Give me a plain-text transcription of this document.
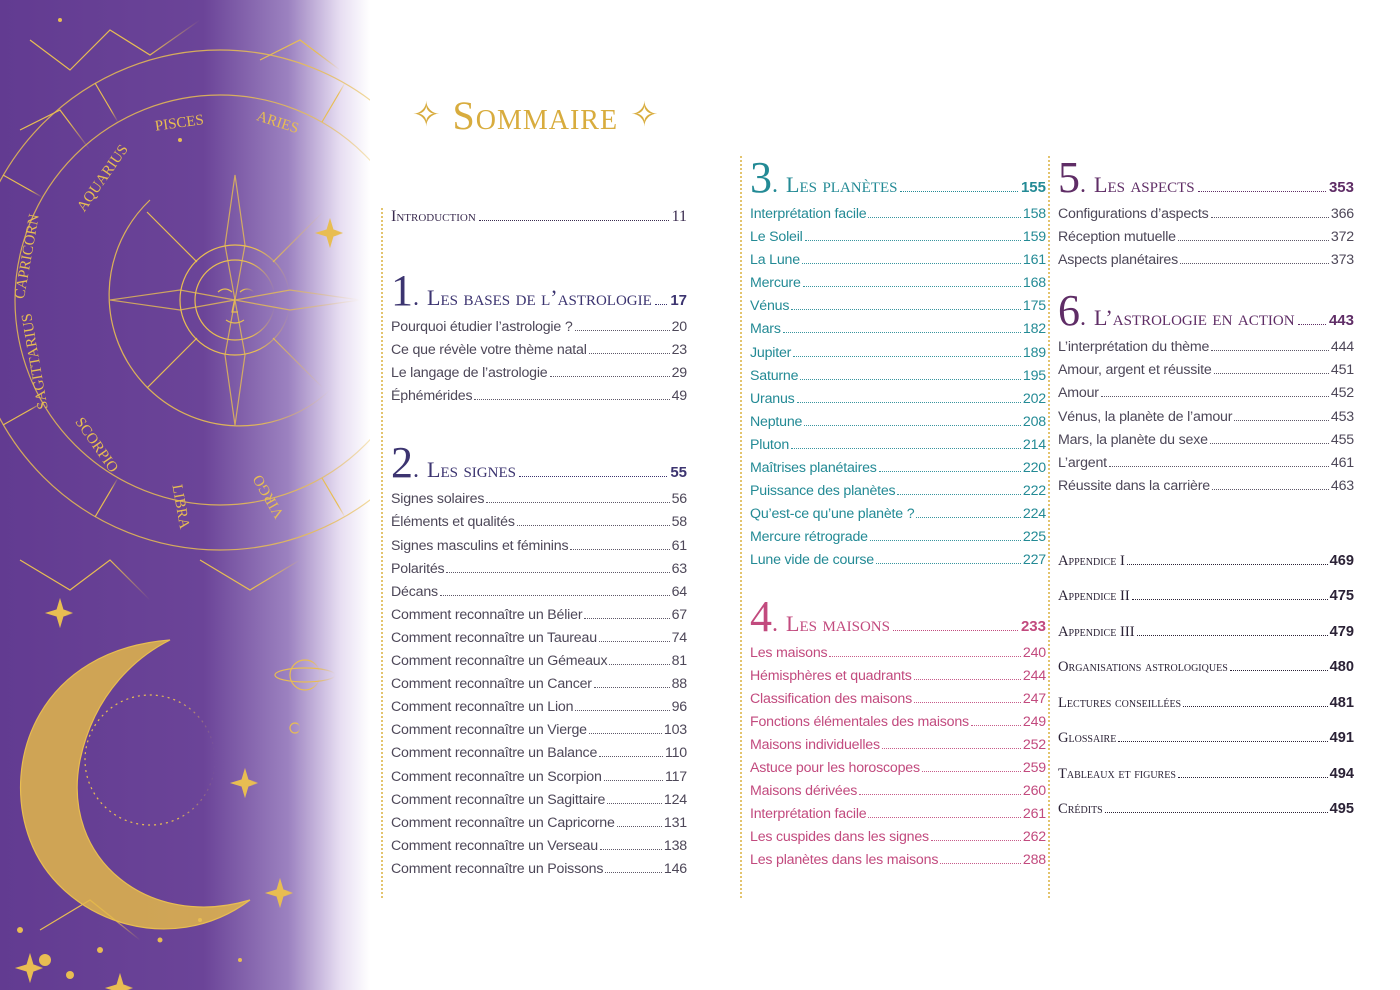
PISCES	ARIES
AQUARIUS
CAPRICORN
SAGITTARIUS
SCORPIO
LIBRA	VIRGO
✧ Sommaire ✧
Introduction	11
1 . Les bases de l’astrologie 17
Pourquoi étudier l’astrologie ?	20
Ce que révèle votre thème natal	23
Le langage de l’astrologie	29
Éphémérides	49
2 . Les signes	55
Signes solaires	56
Éléments et qualités	58
Signes masculins et féminins	61
Polarités	63
Décans	64
Comment reconnaître un Bélier	67
Comment reconnaître un Taureau	74
Comment reconnaître un Gémeaux	81
Comment reconnaître un Cancer	88
Comment reconnaître un Lion	96
Comment reconnaître un Vierge	103
Comment reconnaître un Balance	110
Comment reconnaître un Scorpion	117
Comment reconnaître un Sagittaire	124
Comment reconnaître un Capricorne	131
Comment reconnaître un Verseau	138
Comment reconnaître un Poissons	146
3 . Les planètes	155
Interprétation facile	158
Le Soleil	159
La Lune	161
Mercure	168
Vénus	175
Mars	182
Jupiter	189
Saturne	195
Uranus	202
Neptune	208
Pluton	214
Maîtrises planétaires	220
Puissance des planètes	222
Qu’est-ce qu’une planète ?	224
Mercure rétrograde	225
Lune vide de course	227
4 . Les maisons	233
Les maisons	240
Hémisphères et quadrants	244
Classification des maisons	247
Fonctions élémentales des maisons	249
Maisons individuelles	252
Astuce pour les horoscopes	259
Maisons dérivées	260
Interprétation facile	261
Les cuspides dans les signes	262
Les planètes dans les maisons	288
5 . Les aspects	353
Configurations d’aspects	366
Réception mutuelle	372
Aspects planétaires	373
6 . L’astrologie en action 443
L’interprétation du thème	444
Amour, argent et réussite	451
Amour	452
Vénus, la planète de l’amour	453
Mars, la planète du sexe	455
L’argent	461
Réussite dans la carrière	463
Appendice I	469
Appendice II	475
Appendice III	479
Organisations astrologiques	480
Lectures conseillées	481
Glossaire	491
Tableaux et figures	494
Crédits	495
